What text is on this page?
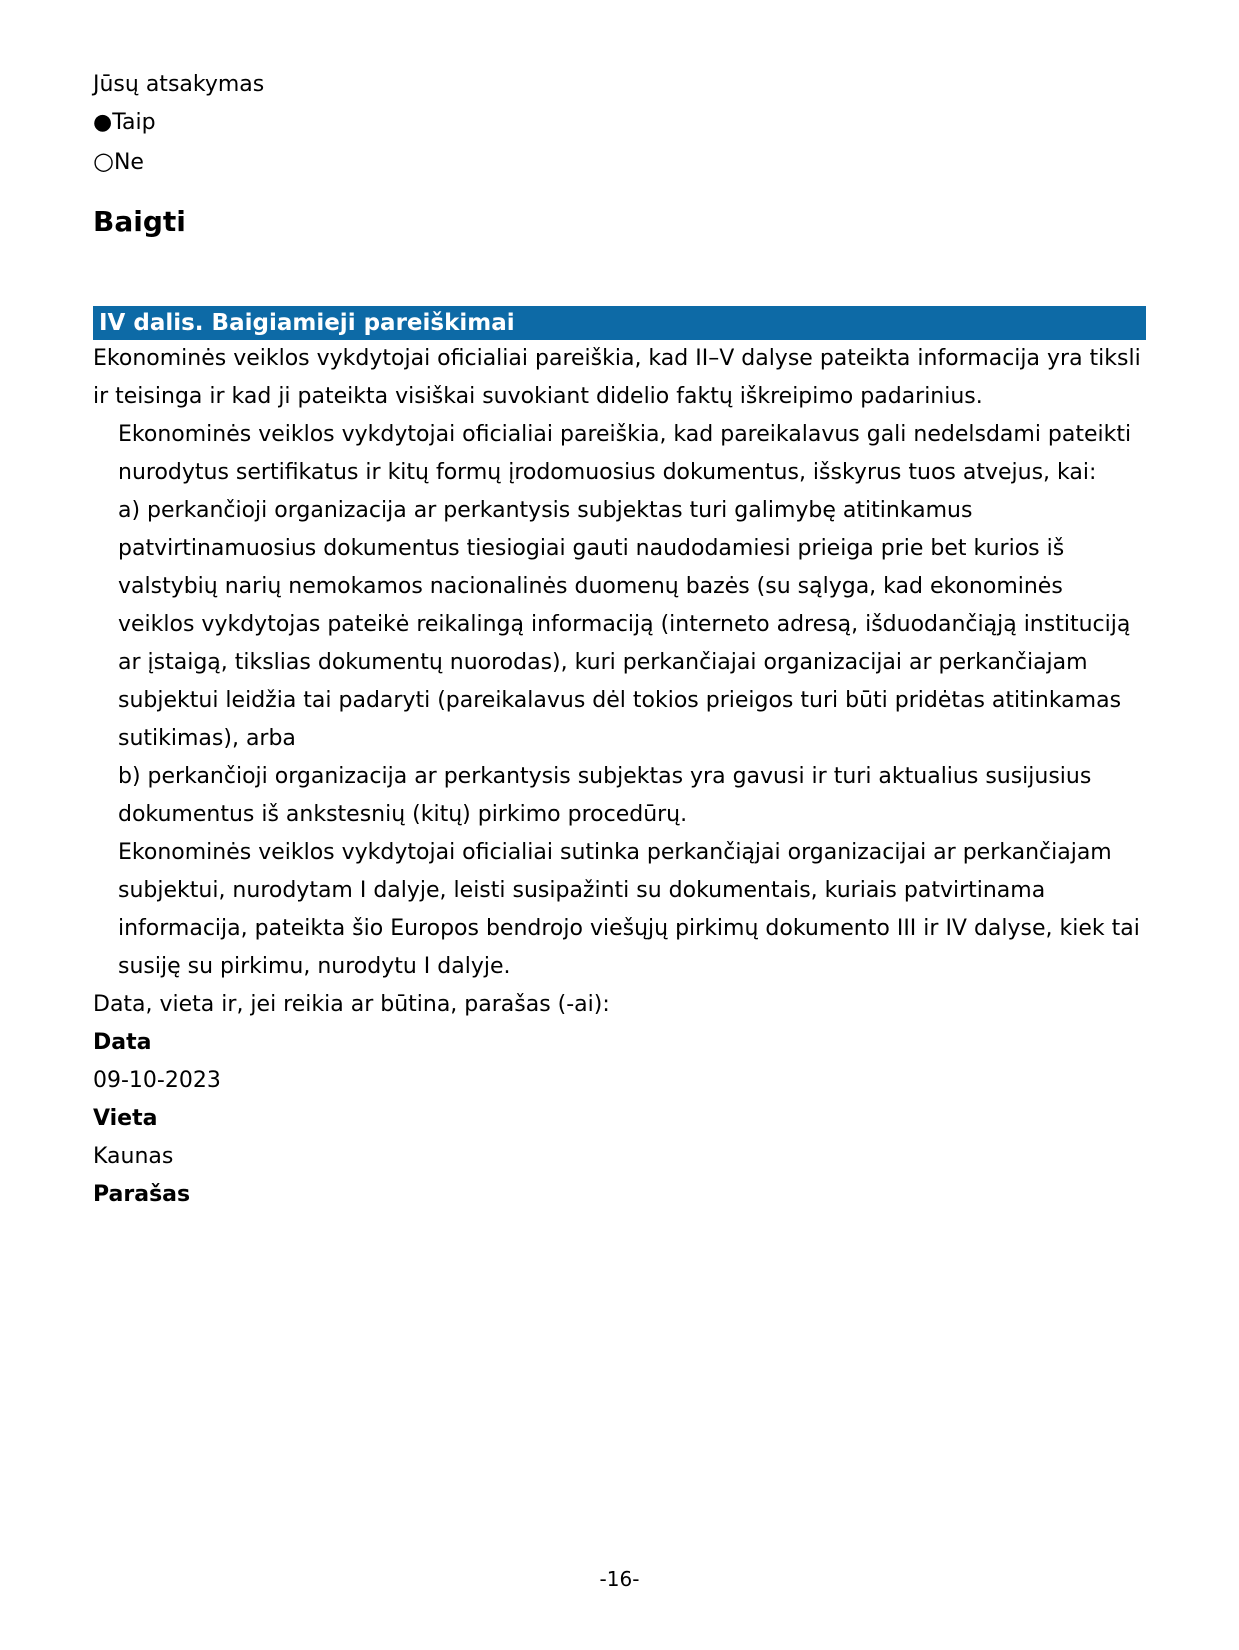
Jūsų atsakymas
●Taip
○Ne
Baigti
IV dalis. Baigiamieji pareiškimai

Ekonominės veiklos vykdytojai oficialiai pareiškia, kad II–V dalyse pateikta informacija yra tiksli ir teisinga ir kad ji pateikta visiškai suvokiant didelio faktų iškreipimo padarinius.

Ekonominės veiklos vykdytojai oficialiai pareiškia, kad pareikalavus gali nedelsdami pateikti nurodytus sertifikatus ir kitų formų įrodomuosius dokumentus, išskyrus tuos atvejus, kai:

a) perkančioji organizacija ar perkantysis subjektas turi galimybę atitinkamus patvirtinamuosius dokumentus tiesiogiai gauti naudodamiesi prieiga prie bet kurios iš valstybių narių nemokamos nacionalinės duomenų bazės (su sąlyga, kad ekonominės veiklos vykdytojas pateikė reikalingą informaciją (interneto adresą, išduodančiąją instituciją ar įstaigą, tikslias dokumentų nuorodas), kuri perkančiajai organizacijai ar perkančiajam subjektui leidžia tai padaryti (pareikalavus dėl tokios prieigos turi būti pridėtas atitinkamas sutikimas), arba

b) perkančioji organizacija ar perkantysis subjektas yra gavusi ir turi aktualius susijusius dokumentus iš ankstesnių (kitų) pirkimo procedūrų.

Ekonominės veiklos vykdytojai oficialiai sutinka perkančiąjai organizacijai ar perkančiajam subjektui, nurodytam I dalyje, leisti susipažinti su dokumentais, kuriais patvirtinama informacija, pateikta šio Europos bendrojo viešųjų pirkimų dokumento III ir IV dalyse, kiek tai susiję su pirkimu, nurodytu I dalyje.

Data, vieta ir, jei reikia ar būtina, parašas (-ai):

Data
09-10-2023
Vieta
Kaunas
Parašas
-16-
